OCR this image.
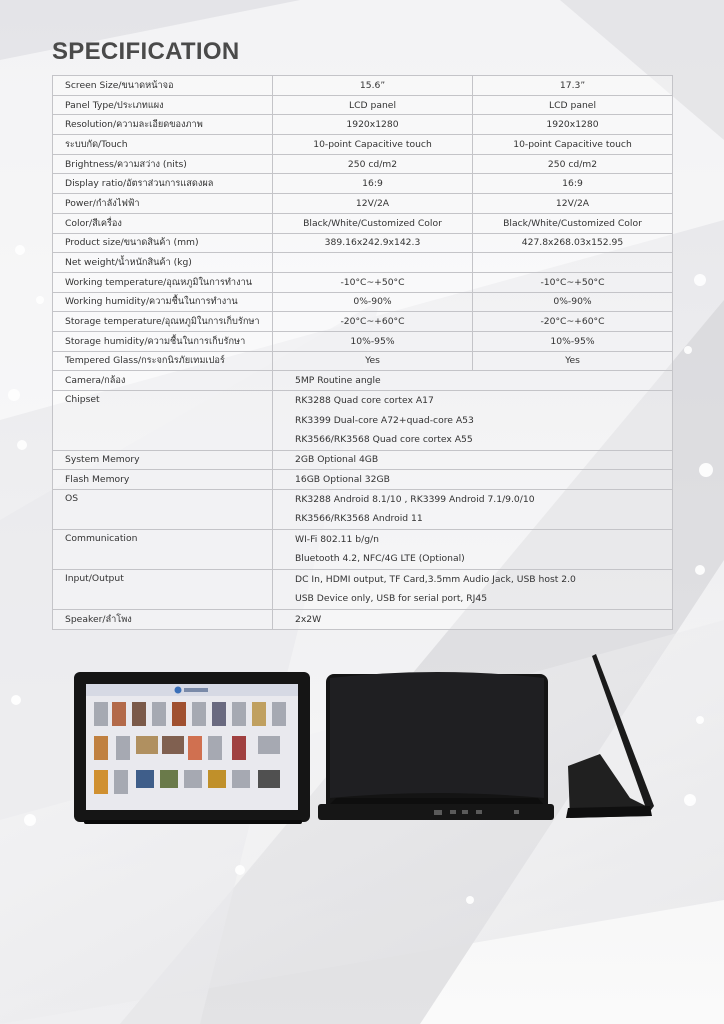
SPECIFICATION
Screen Size/ขนาดหน้าจอ	15.6”	17.3”
Panel Type/ประเภทแผง	LCD panel	LCD panel
Resolution/ความละเอียดของภาพ	1920x1280	1920x1280
ระบบกัด/Touch	10-point Capacitive touch	10-point Capacitive touch
Brightness/ความสว่าง (nits)	250 cd/m2	250 cd/m2
Display ratio/อัตราส่วนการแสดงผล	16:9	16:9
Power/กำลังไฟฟ้า	12V/2A	12V/2A
Color/สีเครื่อง	Black/White/Customized Color	Black/White/Customized Color
Product size/ขนาดสินค้า (mm)	389.16x242.9x142.3	427.8x268.03x152.95
Net weight/น้ำหนักสินค้า (kg)		
Working temperature/อุณหภูมิในการทำงาน	-10°C~+50°C	-10°C~+50°C
Working humidity/ความชื้นในการทำงาน	0%-90%	0%-90%
Storage temperature/อุณหภูมิในการเก็บรักษา	-20°C~+60°C	-20°C~+60°C
Storage humidity/ความชื้นในการเก็บรักษา	10%-95%	10%-95%
Tempered Glass/กระจกนิรภัยเทมเปอร์	Yes	Yes
Camera/กล้อง	5MP Routine angle	
Chipset	RK3288 Quad core cortex A17
RK3399 Dual-core A72+quad-core A53
RK3566/RK3568 Quad core cortex A55	

System Memory	2GB Optional 4GB	
Flash Memory	16GB Optional 32GB	
OS	RK3288 Android 8.1/10 , RK3399 Android 7.1/9.0/10
RK3566/RK3568 Android 11	

Communication	WI-Fi 802.11 b/g/n
Bluetooth 4.2, NFC/4G LTE (Optional)	

Input/Output	DC In, HDMI output, TF Card,3.5mm Audio Jack, USB host 2.0
USB Device only, USB for serial port, RJ45	

Speaker/ลำโพง	2x2W	
